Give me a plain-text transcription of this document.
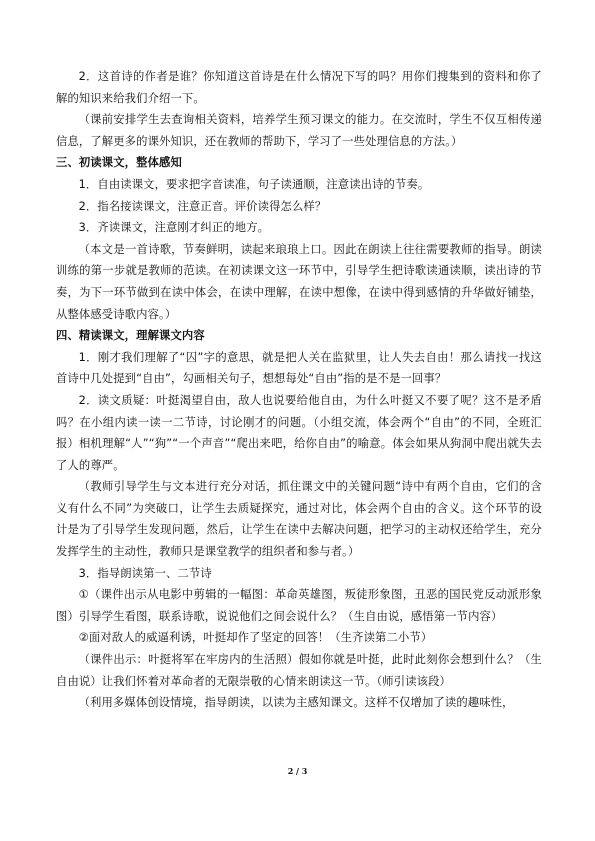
2．这首诗的作者是谁？你知道这首诗是在什么情况下写的吗？用你们搜集到的资料和你了解的知识来给我们介绍一下。

（课前安排学生去查询相关资料，培养学生预习课文的能力。在交流时，学生不仅互相传递信息，了解更多的课外知识，还在教师的帮助下，学习了一些处理信息的方法。）

三、初读课文，整体感知

1．自由读课文，要求把字音读准，句子读通顺，注意读出诗的节奏。

2．指名接读课文，注意正音。评价读得怎么样？

3．齐读课文，注意刚才纠正的地方。

（本文是一首诗歌，节奏鲜明，读起来琅琅上口。因此在朗读上往往需要教师的指导。朗读训练的第一步就是教师的范读。在初读课文这一环节中，引导学生把诗歌读通读顺，读出诗的节奏，为下一环节做到在读中体会，在读中理解，在读中想像，在读中得到感情的升华做好铺垫，从整体感受诗歌内容。）

四、精读课文，理解课文内容

1．刚才我们理解了“囚”字的意思，就是把人关在监狱里，让人失去自由！那么请找一找这首诗中几处提到“自由”，勾画相关句子，想想每处“自由”指的是不是一回事？

2．读文质疑：叶挺渴望自由，敌人也说要给他自由，为什么叶挺又不要了呢？这不是矛盾吗？在小组内读一读一二节诗，讨论刚才的问题。（小组交流，体会两个“自由”的不同，全班汇报）相机理解“人”“狗”“一个声音”“爬出来吧，给你自由”的喻意。体会如果从狗洞中爬出就失去了人的尊严。

（教师引导学生与文本进行充分对话，抓住课文中的关键问题“诗中有两个自由，它们的含义有什么不同”为突破口，让学生去质疑探究，通过对比，体会两个自由的含义。这个环节的设计是为了引导学生发现问题，然后，让学生在读中去解决问题，把学习的主动权还给学生，充分发挥学生的主动性，教师只是课堂教学的组织者和参与者。）

3．指导朗读第一、二节诗

①（课件出示从电影中剪辑的一幅图：革命英雄图，叛徒形象图，丑恶的国民党反动派形象图）引导学生看图，联系诗歌，说说他们之间会说什么？（生自由说，感悟第一节内容）

②面对敌人的威逼利诱，叶挺却作了坚定的回答！（生齐读第二小节）

（课件出示：叶挺将军在牢房内的生活照）假如你就是叶挺，此时此刻你会想到什么？（生自由说）让我们怀着对革命者的无限崇敬的心情来朗读这一节。（师引读该段）

（利用多媒体创设情境，指导朗读，以读为主感知课文。这样不仅增加了读的趣味性，

2 / 3
